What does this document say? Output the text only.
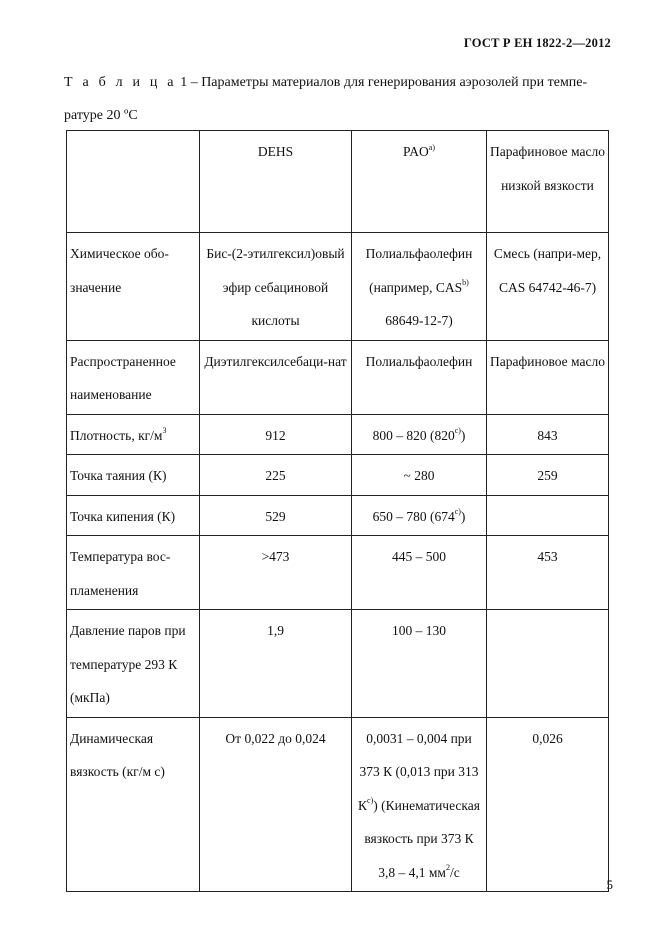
ГОСТ Р ЕН 1822-2—2012
Т а б л и ц а 1 – Параметры материалов для генерирования аэрозолей при темпе-ратуре 20 ºС
	DEHS	PAO$^{a)}$	Парафиновое масло низкой вязкости
Химическое обо-значение	Бис-(2-этилгексил)овый эфир себациновой кислоты	Полиальфаолефин (например, CAS$^{b)}$ 68649-12-7)	Смесь (напри-мер, CAS 64742-46-7)
Распространенное наименование	Диэтилгексилсебаци-нат	Полиальфаолефин	Парафиновое масло
Плотность, $кг/м^3$	912	800 – 820 (820$^{c)}$)	843
Точка таяния (К)	225	~ 280	259
Точка кипения (К)	529	650 – 780 (674$^{c)}$)	
Температура вос-пламенения	>473	445 – 500	453
Давление паров при температуре 293 К (мкПа)	1,9	100 – 130	
Динамическая вязкость (кг/м с)	От 0,022 до 0,024	0,0031 – 0,004 при 373 К (0,013 при 313 $К^{c)}$) (Кинематическая вязкость при 373 К 3,8 – 4,1 $мм^2/с$	0,026
5
